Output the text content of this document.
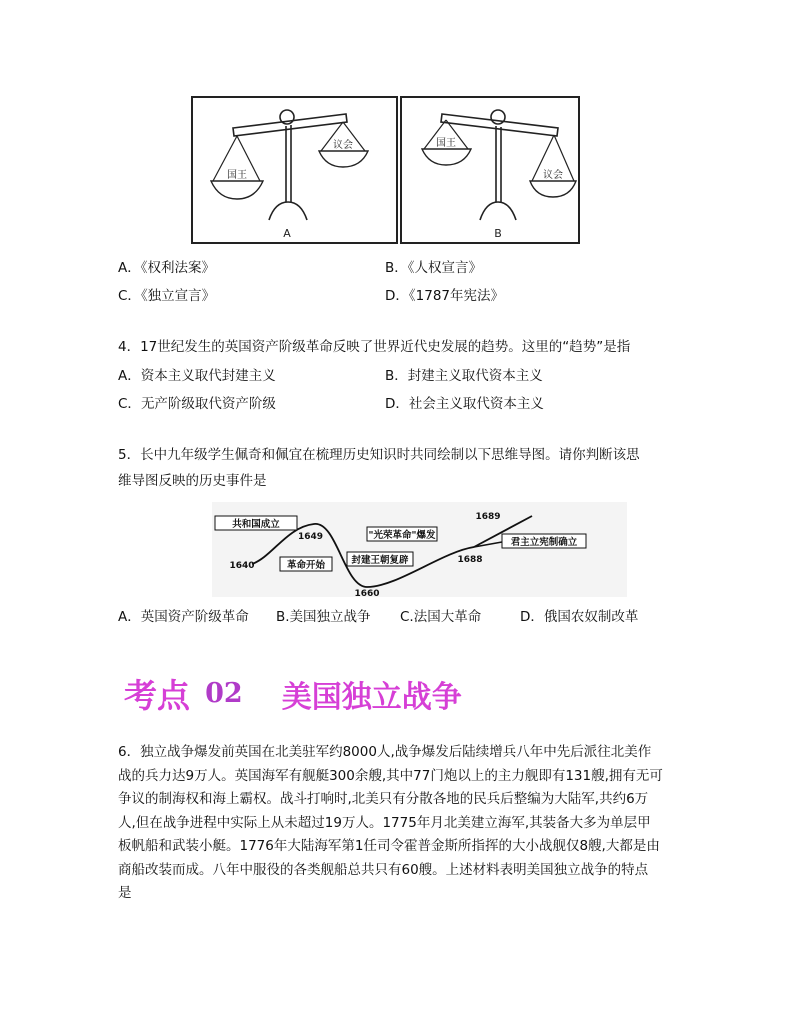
国王
议会
A
国王
议会
B
A．《权利法案》	B．《人权宣言》
C．《独立宣言》	D．《1787年宪法》
4．17世纪发生的英国资产阶级革命反映了世界近代史发展的趋势。这里的“趋势”是指
A．资本主义取代封建主义	B．封建主义取代资本主义
C．无产阶级取代资产阶级	D．社会主义取代资本主义
5．长中九年级学生佩奇和佩宜在梳理历史知识时共同绘制以下思维导图。请你判断该思
维导图反映的历史事件是
共和国成立
1649
1640	革命开始	封建王朝复辟
1660
"光荣革命"爆发
1688
1689
君主立宪制确立
A．英国资产阶级革命 B.美国独立战争 C.法国大革命	D．俄国农奴制改革
考点 02 美国独立战争
6．独立战争爆发前英国在北美驻军约8000人,战争爆发后陆续增兵八年中先后派往北美作
战的兵力达9万人。英国海军有舰艇300余艘,其中77门炮以上的主力舰即有131艘,拥有无可
争议的制海权和海上霸权。战斗打响时,北美只有分散各地的民兵后整编为大陆军,共约6万
人,但在战争进程中实际上从未超过19万人。1775年月北美建立海军,其装备大多为单层甲
板帆船和武装小艇。1776年大陆海军第1任司令霍普金斯所指挥的大小战舰仅8艘,大都是由
商船改装而成。八年中服役的各类舰船总共只有60艘。上述材料表明美国独立战争的特点
是
